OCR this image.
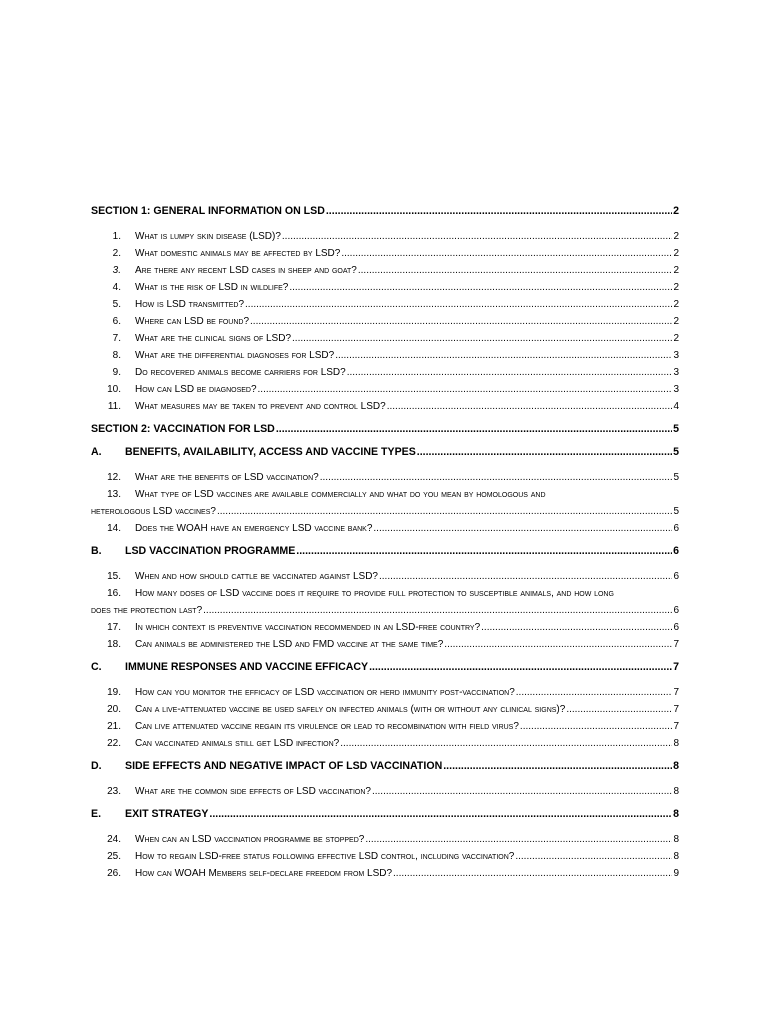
SECTION 1: GENERAL INFORMATION ON LSD .....	2
1. What is lumpy skin disease (LSD)? .....	2
2. What domestic animals may be affected by LSD? .....	2
3. Are there any recent LSD cases in sheep and goat? .....	2
4. What is the risk of LSD in wildlife? .....	2
5. How is LSD transmitted? .....	2
6. Where can LSD be found? .....	2
7. What are the clinical signs of LSD? .....	2
8. What are the differential diagnoses for LSD? .....	3
9. Do recovered animals become carriers for LSD? .....	3
10. How can LSD be diagnosed? .....	3
11. What measures may be taken to prevent and control LSD? .....	4
SECTION 2: VACCINATION FOR LSD .....	5
A. BENEFITS, AVAILABILITY, ACCESS AND VACCINE TYPES .....	5
12. What are the benefits of LSD vaccination? .....	5
13. What type of LSD vaccines are available commercially and what do you mean by homologous and
heterologous LSD vaccines? .....	5
14. Does the WOAH have an emergency LSD vaccine bank? .....	6
B. LSD VACCINATION PROGRAMME .....	6
15. When and how should cattle be vaccinated against LSD? .....	6
16. How many doses of LSD vaccine does it require to provide full protection to susceptible animals, and how long
does the protection last? .....	6
17. In which context is preventive vaccination recommended in an LSD-free country? .....	6
18. Can animals be administered the LSD and FMD vaccine at the same time? .....	7
C. IMMUNE RESPONSES AND VACCINE EFFICACY .....	7
19. How can you monitor the efficacy of LSD vaccination or herd immunity post-vaccination? .....	7
20. Can a live-attenuated vaccine be used safely on infected animals (with or without any clinical signs)? .....	7
21. Can live attenuated vaccine regain its virulence or lead to recombination with field virus? .....	7
22. Can vaccinated animals still get LSD infection? .....	8
D. SIDE EFFECTS AND NEGATIVE IMPACT OF LSD VACCINATION .....	8
23. What are the common side effects of LSD vaccination? .....	8
E. EXIT STRATEGY .....	8
24. When can an LSD vaccination programme be stopped? .....	8
25. How to regain LSD-free status following effective LSD control, including vaccination? .....	8
26. How can WOAH Members self-declare freedom from LSD? .....	9
